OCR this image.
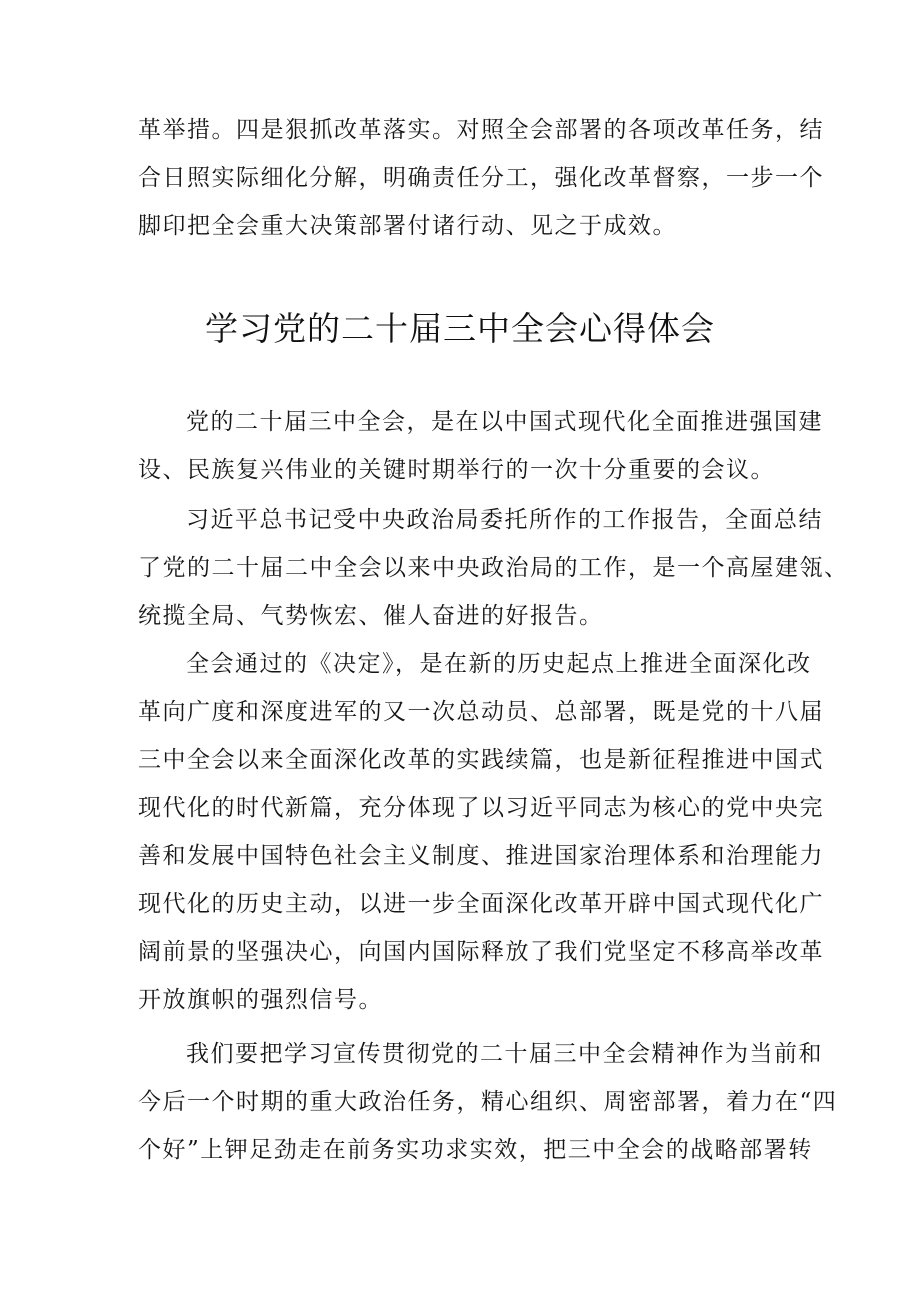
革举措。四是狠抓改革落实。对照全会部署的各项改革任务，结
合日照实际细化分解，明确责任分工，强化改革督察，一步一个
脚印把全会重大决策部署付诸行动、见之于成效。
学习党的二十届三中全会心得体会
党的二十届三中全会，是在以中国式现代化全面推进强国建
设、民族复兴伟业的关键时期举行的一次十分重要的会议。
习近平总书记受中央政治局委托所作的工作报告，全面总结
了党的二十届二中全会以来中央政治局的工作，是一个高屋建瓴、
统揽全局、气势恢宏、催人奋进的好报告。
全会通过的《决定》，是在新的历史起点上推进全面深化改
革向广度和深度进军的又一次总动员、总部署，既是党的十八届
三中全会以来全面深化改革的实践续篇，也是新征程推进中国式
现代化的时代新篇，充分体现了以习近平同志为核心的党中央完
善和发展中国特色社会主义制度、推进国家治理体系和治理能力
现代化的历史主动，以进一步全面深化改革开辟中国式现代化广
阔前景的坚强决心，向国内国际释放了我们党坚定不移高举改革
开放旗帜的强烈信号。
我们要把学习宣传贯彻党的二十届三中全会精神作为当前和
今后一个时期的重大政治任务，精心组织、周密部署，着力在“四
个好”上钾足劲走在前务实功求实效，把三中全会的战略部署转
